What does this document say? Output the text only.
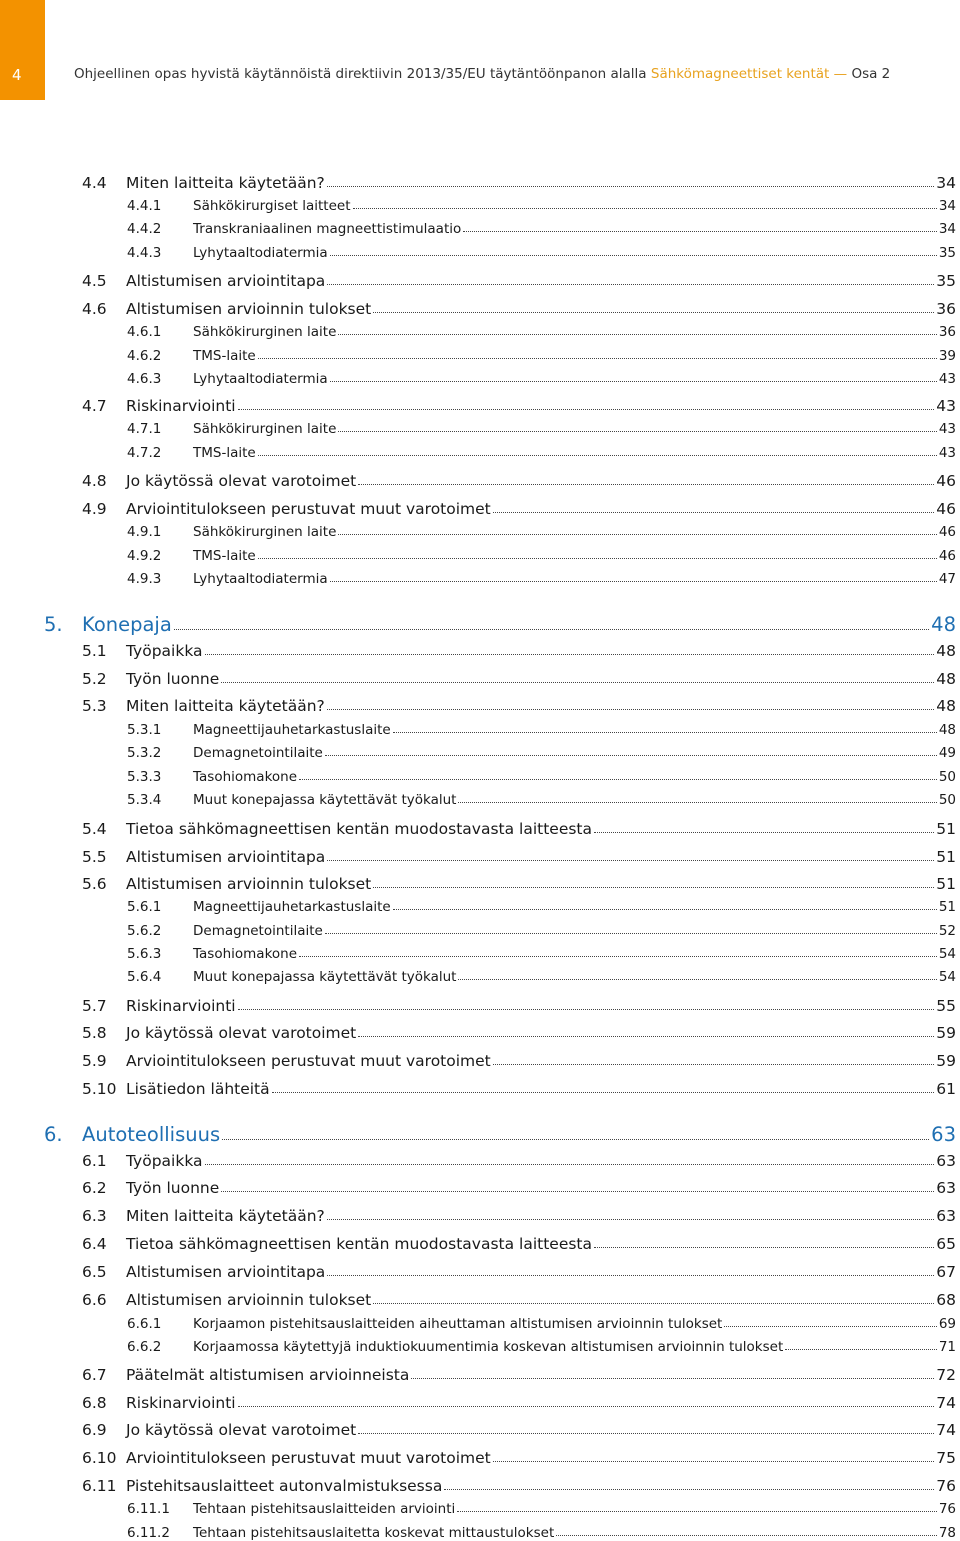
4	Ohjeellinen opas hyvistä käytännöistä direktiivin 2013/35/EU täytäntöönpanon alalla Sähkömagneettiset kentät — Osa 2
4.4	Miten laitteita käytetään?	34
4.4.1	Sähkökirurgiset laitteet	34
4.4.2	Transkraniaalinen magneettistimulaatio	34
4.4.3	Lyhytaaltodiatermia	35
4.5	Altistumisen arviointitapa	35
4.6	Altistumisen arvioinnin tulokset	36
4.6.1	Sähkökirurginen laite	36
4.6.2	TMS-laite	39
4.6.3	Lyhytaaltodiatermia	43
4.7	Riskinarviointi	43
4.7.1	Sähkökirurginen laite	43
4.7.2	TMS-laite	43
4.8	Jo käytössä olevat varotoimet	46
4.9	Arviointitulokseen perustuvat muut varotoimet	46
4.9.1	Sähkökirurginen laite	46
4.9.2	TMS-laite	46
4.9.3	Lyhytaaltodiatermia	47
5. Konepaja	48
5.1	Työpaikka	48
5.2	Työn luonne	48
5.3	Miten laitteita käytetään?	48
5.3.1	Magneettijauhetarkastuslaite	48
5.3.2	Demagnetointilaite	49
5.3.3	Tasohiomakone	50
5.3.4	Muut konepajassa käytettävät työkalut	50
5.4	Tietoa sähkömagneettisen kentän muodostavasta laitteesta	51
5.5	Altistumisen arviointitapa	51
5.6	Altistumisen arvioinnin tulokset	51
5.6.1	Magneettijauhetarkastuslaite	51
5.6.2	Demagnetointilaite	52
5.6.3	Tasohiomakone	54
5.6.4	Muut konepajassa käytettävät työkalut	54
5.7	Riskinarviointi	55
5.8	Jo käytössä olevat varotoimet	59
5.9	Arviointitulokseen perustuvat muut varotoimet	59
5.10 Lisätiedon lähteitä	61
6. Autoteollisuus	63
6.1	Työpaikka	63
6.2	Työn luonne	63
6.3	Miten laitteita käytetään?	63
6.4	Tietoa sähkömagneettisen kentän muodostavasta laitteesta	65
6.5	Altistumisen arviointitapa	67
6.6	Altistumisen arvioinnin tulokset	68
6.6.1	Korjaamon pistehitsauslaitteiden aiheuttaman altistumisen arvioinnin tulokset	69
6.6.2	Korjaamossa käytettyjä induktiokuumentimia koskevan altistumisen arvioinnin tulokset	71
6.7	Päätelmät altistumisen arvioinneista	72
6.8	Riskinarviointi	74
6.9	Jo käytössä olevat varotoimet	74
6.10 Arviointitulokseen perustuvat muut varotoimet	75
6.11 Pistehitsauslaitteet autonvalmistuksessa	76
6.11.1	Tehtaan pistehitsauslaitteiden arviointi	76
6.11.2	Tehtaan pistehitsauslaitetta koskevat mittaustulokset	78
